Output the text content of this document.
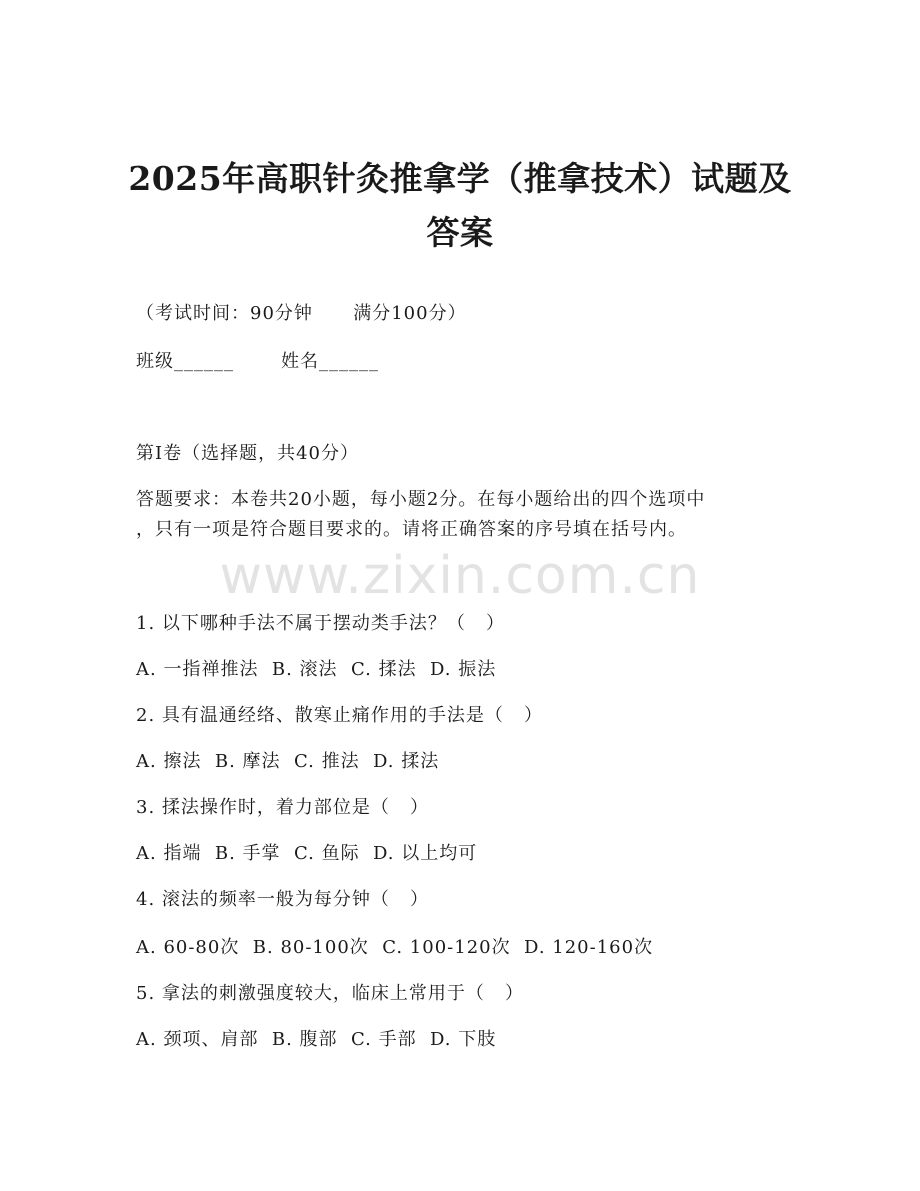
2025年高职针灸推拿学（推拿技术）试题及
答案
（考试时间：90分钟      满分100分）
班级______       姓名______
第I卷（选择题，共40分）
答题要求：本卷共20小题，每小题2分。在每小题给出的四个选项中
，只有一项是符合题目要求的。请将正确答案的序号填在括号内。
www.zixin.com.cn
1. 以下哪种手法不属于摆动类手法？（   ）
A. 一指禅推法  B. 滚法  C. 揉法  D. 振法
2. 具有温通经络、散寒止痛作用的手法是（   ）
A. 擦法  B. 摩法  C. 推法  D. 揉法
3. 揉法操作时，着力部位是（   ）
A. 指端  B. 手掌  C. 鱼际  D. 以上均可
4. 滚法的频率一般为每分钟（   ）
A. 60-80次  B. 80-100次  C. 100-120次  D. 120-160次
5. 拿法的刺激强度较大，临床上常用于（   ）
A. 颈项、肩部  B. 腹部  C. 手部  D. 下肢
